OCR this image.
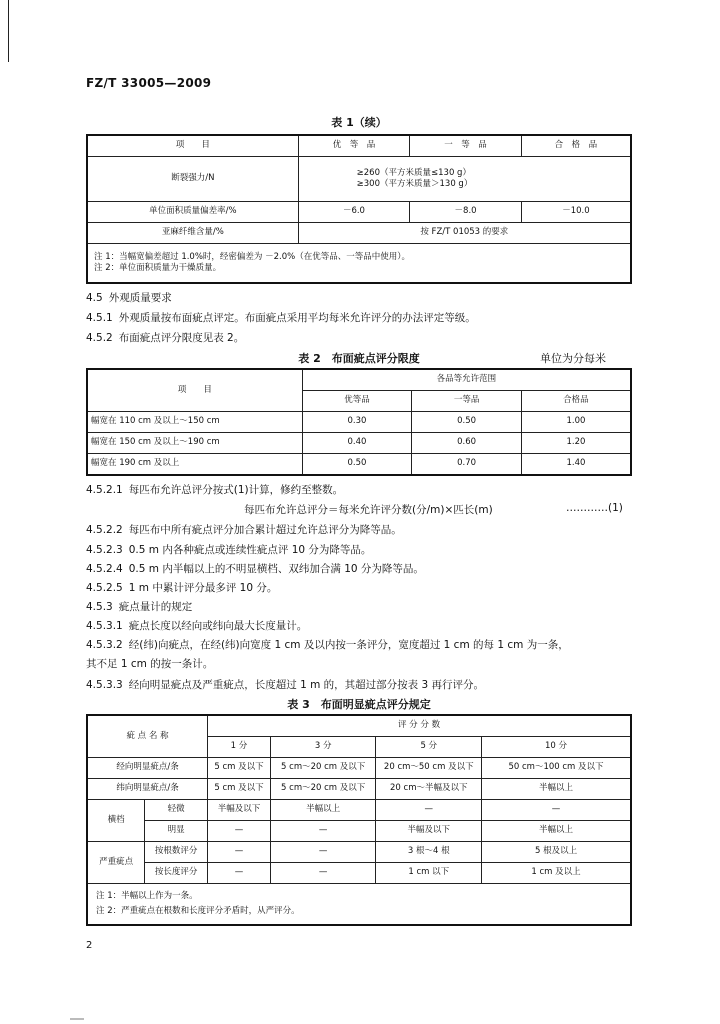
FZ/T 33005—2009
表 1（续）
项　　目	优　等　品	一　等　品	合　格　品
断裂强力/N	≥260（平方米质量≤130 g）
≥300（平方米质量＞130 g）		

单位面积质量偏差率/%	－6.0	－8.0	－10.0
亚麻纤维含量/%	按 FZ/T 01053 的要求		

注 1：当幅宽偏差超过 1.0%时，经密偏差为 －2.0%（在优等品、一等品中使用）。
注 2：单位面积质量为干燥质量。			
4.5 外观质量要求
4.5.1 外观质量按布面疵点评定。布面疵点采用平均每米允许评分的办法评定等级。
4.5.2 布面疵点评分限度见表 2。
表 2　布面疵点评分限度	单位为分每米
项　　目	各品等允许范围		
	优等品	一等品	合格品
幅宽在 110 cm 及以上～150 cm	0.30	0.50	1.00
幅宽在 150 cm 及以上～190 cm	0.40	0.60	1.20
幅宽在 190 cm 及以上	0.50	0.70	1.40
4.5.2.1 每匹布允许总评分按式(1)计算，修约至整数。
每匹布允许总评分＝每米允许评分数(分/m)×匹长(m)	…………(1)
4.5.2.2 每匹布中所有疵点评分加合累计超过允许总评分为降等品。
4.5.2.3 0.5 m 内各种疵点或连续性疵点评 10 分为降等品。
4.5.2.4 0.5 m 内半幅以上的不明显横档、双纬加合满 10 分为降等品。
4.5.2.5 1 m 中累计评分最多评 10 分。
4.5.3 疵点量计的规定
4.5.3.1 疵点长度以经向或纬向最大长度量计。
4.5.3.2 经(纬)向疵点，在经(纬)向宽度 1 cm 及以内按一条评分，宽度超过 1 cm 的每 1 cm 为一条，
其不足 1 cm 的按一条计。
4.5.3.3 经向明显疵点及严重疵点，长度超过 1 m 的，其超过部分按表 3 再行评分。
表 3　布面明显疵点评分规定
疵 点 名 称		评 分 分 数			
		1 分	3 分	5 分	10 分
经向明显疵点/条		5 cm 及以下	5 cm～20 cm 及以下	20 cm～50 cm 及以下	50 cm～100 cm 及以下
纬向明显疵点/条		5 cm 及以下	5 cm～20 cm 及以下	20 cm～半幅及以下	半幅以上
横档	轻微	半幅及以下	半幅以上	—	—
	明显	—	—	半幅及以下	半幅以上
严重疵点	按根数评分	—	—	3 根～4 根	5 根及以上
	按长度评分	—	—	1 cm 以下	1 cm 及以上

注 1：半幅以上作为一条。
注 2：严重疵点在根数和长度评分矛盾时，从严评分。					
2
